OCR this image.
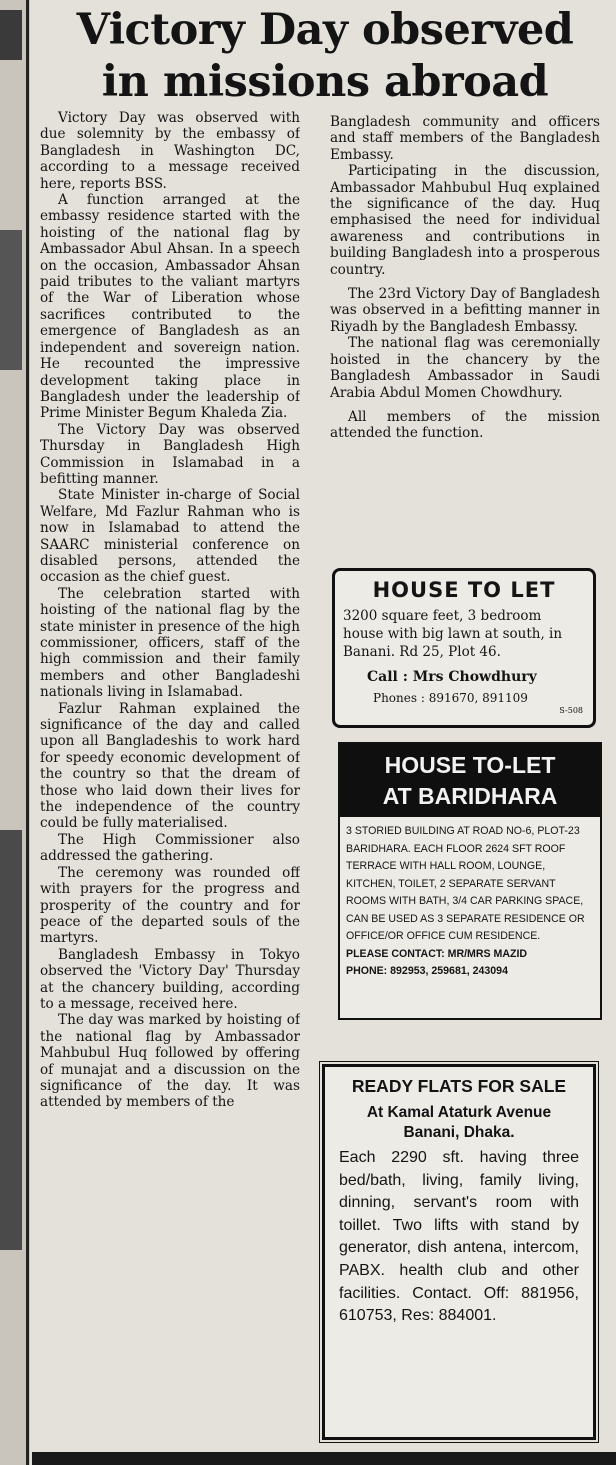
Victory Day observed
in missions abroad

Victory Day was observed with due solemnity by the embassy of Bangladesh in Washington DC, according to a message received here, reports BSS.

A function arranged at the embassy residence started with the hoisting of the national flag by Ambassador Abul Ahsan. In a speech on the occasion, Ambassador Ahsan paid tributes to the valiant martyrs of the War of Liberation whose sacrifices contributed to the emergence of Bangladesh as an independent and sovereign nation. He recounted the impressive development taking place in Bangladesh under the leadership of Prime Minister Begum Khaleda Zia.

The Victory Day was observed Thursday in Bangladesh High Commission in Islamabad in a befitting manner.

State Minister in-charge of Social Welfare, Md Fazlur Rahman who is now in Islamabad to attend the SAARC ministerial conference on disabled persons, attended the occasion as the chief guest.

The celebration started with hoisting of the national flag by the state minister in presence of the high commissioner, officers, staff of the high commission and their family members and other Bangladeshi nationals living in Islamabad.

Fazlur Rahman explained the significance of the day and called upon all Bangladeshis to work hard for speedy economic development of the country so that the dream of those who laid down their lives for the independence of the country could be fully materialised.

The High Commissioner also addressed the gathering.

The ceremony was rounded off with prayers for the progress and prosperity of the country and for peace of the departed souls of the martyrs.

Bangladesh Embassy in Tokyo observed the 'Victory Day' Thursday at the chancery building, according to a message, received here.

The day was marked by hoisting of the national flag by Ambassador Mahbubul Huq followed by offering of munajat and a discussion on the significance of the day. It was attended by members of the

Bangladesh community and officers and staff members of the Bangladesh Embassy.

Participating in the discussion, Ambassador Mahbubul Huq explained the significance of the day. Huq emphasised the need for individual awareness and contributions in building Bangladesh into a prosperous country.

The 23rd Victory Day of Bangladesh was observed in a befitting manner in Riyadh by the Bangladesh Embassy.

The national flag was ceremonially hoisted in the chancery by the Bangladesh Ambassador in Saudi Arabia Abdul Momen Chowdhury.

All members of the mission attended the function.

HOUSE TO LET
3200 square feet, 3 bedroom house with big lawn at south, in Banani. Rd 25, Plot 46.
Call : Mrs Chowdhury
Phones : 891670, 891109
S-508
HOUSE TO-LET
AT BARIDHARA
3 STORIED BUILDING AT ROAD NO-6, PLOT-23 BARIDHARA. EACH FLOOR 2624 SFT ROOF TERRACE WITH HALL ROOM, LOUNGE, KITCHEN, TOILET, 2 SEPARATE SERVANT ROOMS WITH BATH, 3/4 CAR PARKING SPACE, CAN BE USED AS 3 SEPARATE RESIDENCE OR OFFICE/OR OFFICE CUM RESIDENCE.
PLEASE CONTACT: MR/MRS MAZID
PHONE: 892953, 259681, 243094
READY FLATS FOR SALE
At Kamal Ataturk Avenue
Banani, Dhaka.
Each 2290 sft. having three bed/bath, living, family living, dinning, servant's room with toillet. Two lifts with stand by generator, dish antena, intercom, PABX. health club and other facilities. Contact. Off: 881956, 610753, Res: 884001.
